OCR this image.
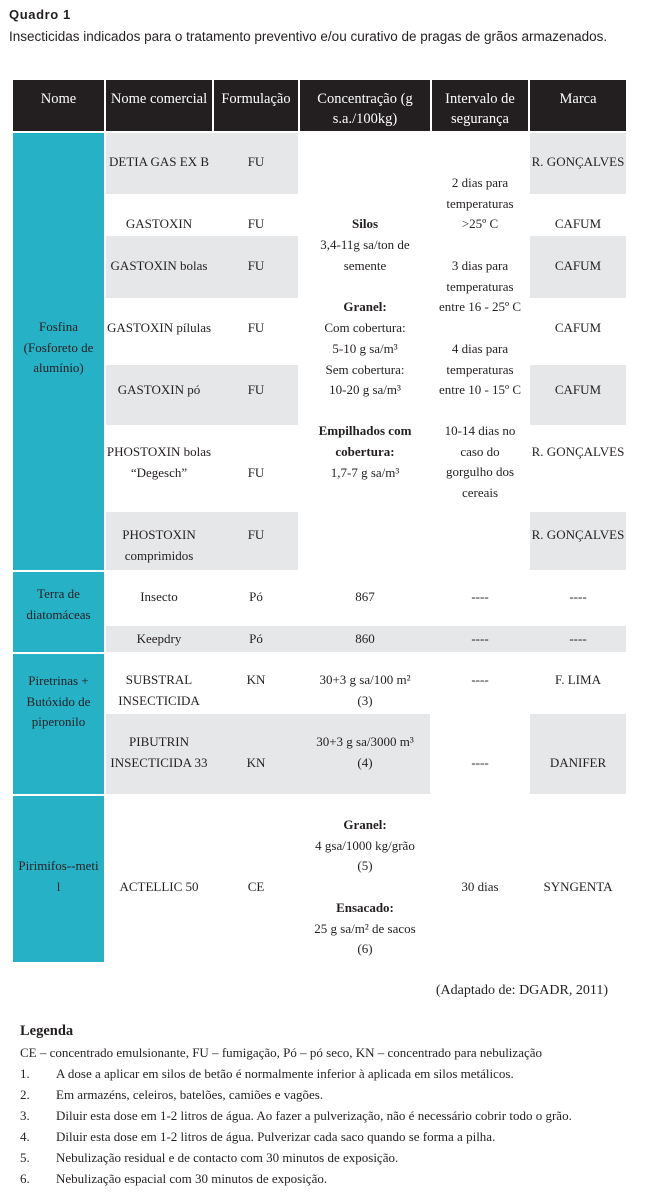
Quadro 1
Insecticidas indicados para o tratamento preventivo e/ou curativo de pragas de grãos armazenados.
Nome	Nome comercial Formulação	Concentração (g s.a./100kg)
Intervalo de segurança
Marca
Fosfina (Fosforeto de alumínio)
Terra de diatomáceas
Piretrinas + Butóxido de piperonilo
Pirimifos--metil
DETIA GAS EX B
GASTOXIN
GASTOXIN bolas
GASTOXIN pílulas
GASTOXIN pó
PHOSTOXIN bolas “Degesch”
PHOSTOXIN comprimidos
Insecto
Keepdry
SUBSTRAL INSECTICIDA
PIBUTRIN INSECTICIDA 33
ACTELLIC 50
FU
FU
FU
FU
FU
FU
FU
Pó
Pó
KN
KN
CE
Silos
3,4-11g sa/ton de semente
Granel:
Com cobertura:
5-10 g sa/m³
Sem cobertura:
10-20 g sa/m³
Empilhados com cobertura:
1,7-7 g sa/m³
867
860
30+3 g sa/100 m²
(3)
30+3 g sa/3000 m³
(4)
Granel:
4 gsa/1000 kg/grão
(5)
Ensacado:
25 g sa/m² de sacos
(6)
2 dias para temperaturas >25º C
3 dias para temperaturas entre 16 - 25º C
4 dias para temperaturas entre 10 - 15º C
10-14 dias no caso do gorgulho dos cereais
----
----
----
----
30 dias
R. GONÇALVES
CAFUM
CAFUM
CAFUM
CAFUM
R. GONÇALVES
R. GONÇALVES
----
----
F. LIMA
DANIFER
SYNGENTA
(Adaptado de: DGADR, 2011)
Legenda
CE – concentrado emulsionante, FU – fumigação, Pó – pó seco, KN – concentrado para nebulização
1. A dose a aplicar em silos de betão é normalmente inferior à aplicada em silos metálicos.
2. Em armazéns, celeiros, batelões, camiões e vagões.
3. Diluir esta dose em 1-2 litros de água. Ao fazer a pulverização, não é necessário cobrir todo o grão.
4. Diluir esta dose em 1-2 litros de água. Pulverizar cada saco quando se forma a pilha.
5. Nebulização residual e de contacto com 30 minutos de exposição.
6. Nebulização espacial com 30 minutos de exposição.
